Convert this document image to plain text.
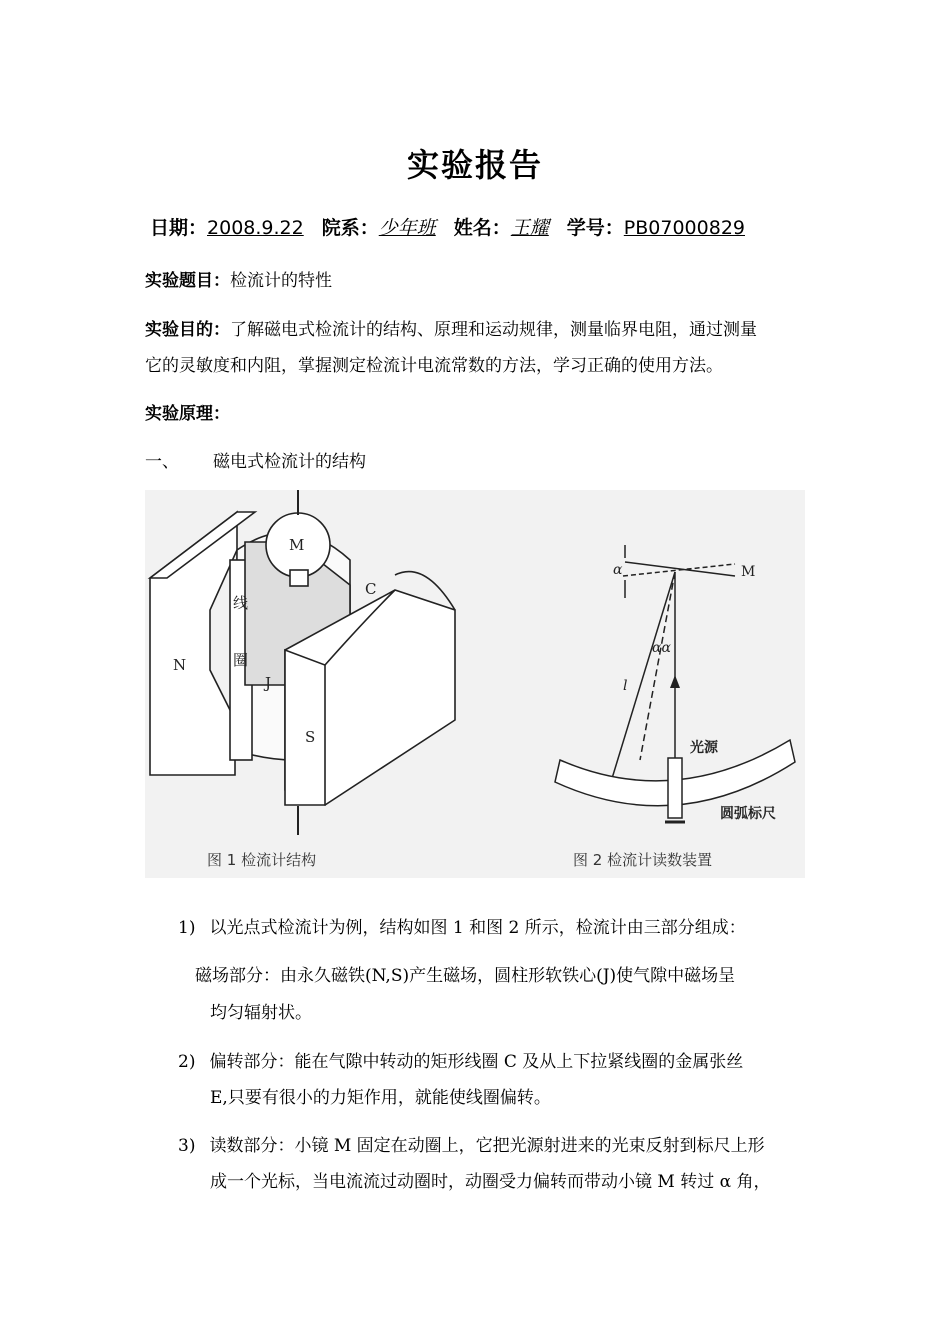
实验报告
日期：2008.9.22 院系：少年班 姓名：王耀 学号：PB07000829
实验题目：检流计的特性
实验目的：了解磁电式检流计的结构、原理和运动规律，测量临界电阻，通过测量
它的灵敏度和内阻，掌握测定检流计电流常数的方法，学习正确的使用方法。
实验原理：
一、 磁电式检流计的结构
M
C
N
S
J
线
圈
α	M
αα
l
光源
圆弧标尺
图 1 检流计结构	图 2 检流计读数装置
1) 以光点式检流计为例，结构如图 1 和图 2 所示，检流计由三部分组成：
磁场部分：由永久磁铁(N,S)产生磁场，圆柱形软铁心(J)使气隙中磁场呈
均匀辐射状。
2) 偏转部分：能在气隙中转动的矩形线圈 C 及从上下拉紧线圈的金属张丝
E,只要有很小的力矩作用，就能使线圈偏转。
3) 读数部分：小镜 M 固定在动圈上，它把光源射进来的光束反射到标尺上形
成一个光标，当电流流过动圈时，动圈受力偏转而带动小镜 M 转过 α 角，
